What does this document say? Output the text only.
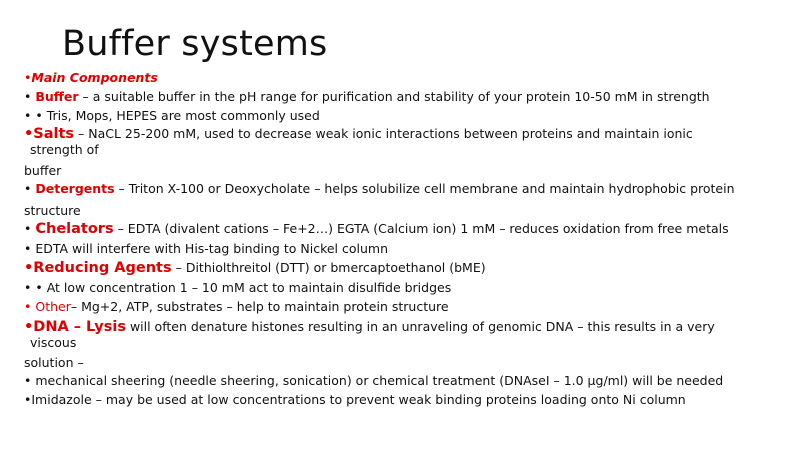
Buffer systems
•Main Components
• Buffer – a suitable buffer in the pH range for purification and stability of your protein 10-50 mM in strength
• • Tris, Mops, HEPES are most commonly used
•Salts – NaCL 25-200 mM, used to decrease weak ionic interactions between proteins and maintain ionic
strength of
buffer
• Detergents – Triton X-100 or Deoxycholate – helps solubilize cell membrane and maintain hydrophobic protein
structure
• Chelators – EDTA (divalent cations – Fe+2…) EGTA (Calcium ion) 1 mM – reduces oxidation from free metals
• EDTA will interfere with His-tag binding to Nickel column
•Reducing Agents – Dithiolthreitol (DTT) or bmercaptoethanol (bME)
• • At low concentration 1 – 10 mM act to maintain disulfide bridges
• Other– Mg+2, ATP, substrates – help to maintain protein structure
•DNA – Lysis will often denature histones resulting in an unraveling of genomic DNA – this results in a very
viscous
solution –
• mechanical sheering (needle sheering, sonication) or chemical treatment (DNAseI – 1.0 µg/ml) will be needed
•Imidazole – may be used at low concentrations to prevent weak binding proteins loading onto Ni column
